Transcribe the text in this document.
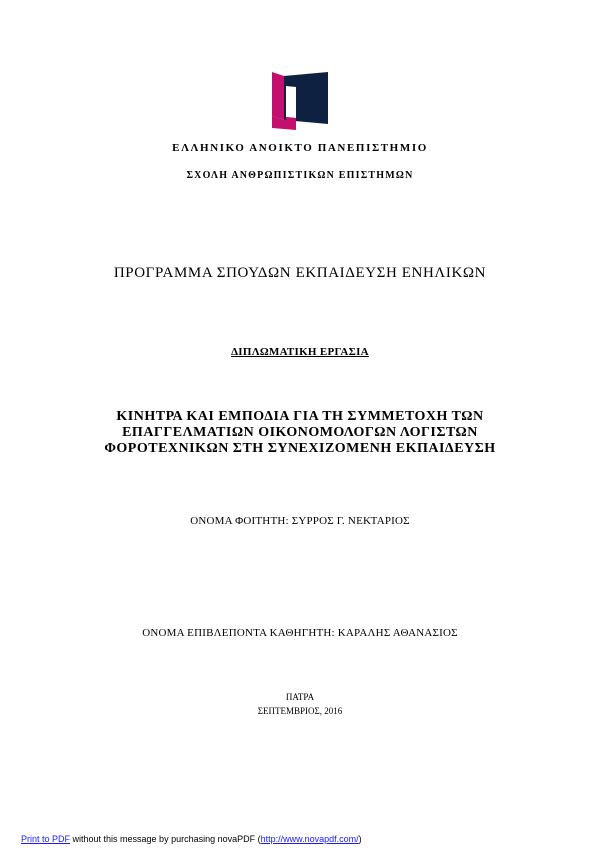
ΕΛΛΗΝΙΚΟ ΑΝΟΙΚΤΟ ΠΑΝΕΠΙΣΤΗΜΙΟ
ΣΧΟΛΗ ΑΝΘΡΩΠΙΣΤΙΚΩΝ ΕΠΙΣΤΗΜΩΝ
ΠΡΟΓΡΑΜΜΑ ΣΠΟΥΔΩΝ ΕΚΠΑΙΔΕΥΣΗ ΕΝΗΛΙΚΩΝ
ΔΙΠΛΩΜΑΤΙΚΗ ΕΡΓΑΣΙΑ
ΚΙΝΗΤΡΑ ΚΑΙ ΕΜΠΟΔΙΑ ΓΙΑ ΤΗ ΣΥΜΜΕΤΟΧΗ ΤΩΝ
ΕΠΑΓΓΕΛΜΑΤΙΩΝ ΟΙΚΟΝΟΜΟΛΟΓΩΝ ΛΟΓΙΣΤΩΝ
ΦΟΡΟΤΕΧΝΙΚΩΝ ΣΤΗ ΣΥΝΕΧΙΖΟΜΕΝΗ ΕΚΠΑΙΔΕΥΣΗ
ΟΝΟΜΑ ΦΟΙΤΗΤΗ: ΣΥΡΡΟΣ Γ. ΝΕΚΤΑΡΙΟΣ
ΟΝΟΜΑ ΕΠΙΒΛΕΠΟΝΤΑ ΚΑΘΗΓΗΤΗ: ΚΑΡΑΛΗΣ ΑΘΑΝΑΣΙΟΣ
ΠΑΤΡΑ
ΣΕΠΤΕΜΒΡΙΟΣ, 2016
Print to PDF without this message by purchasing novaPDF (http://www.novapdf.com/)
